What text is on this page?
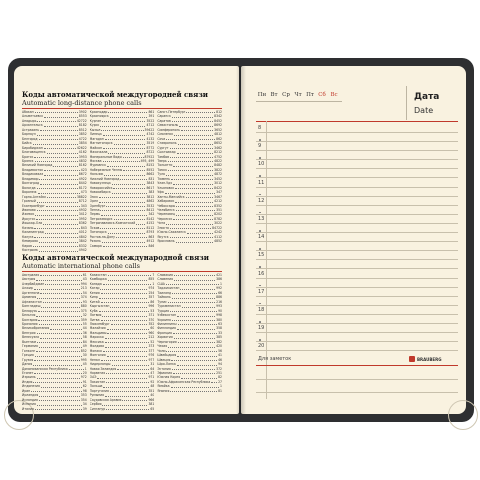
Коды автоматической междугородней связи
Automatic long-distance phone calls
Абакан	3902
Альметьевск	8553
Анадырь	42722
Архангельск	8182
Астрахань	8512
Барнаул	3852
Белгород	4722
Бийск	3854
Биробиджан	42622
Благовещенск	4162
Братск	3953
Брянск	4832
Великий Новгород	8162
Владивосток	423
Владикавказ	8672
Владимир	4922
Волгоград	8442
Вологда	8172
Воронеж	473
Горно-Алтайск	38822
Грозный	8712
Екатеринбург	343
Иваново	4932
Ижевск	3412
Иркутск	3952
Йошкар-Ола	8362
Казань	843
Калининград	4012
Калуга	4842
Кемерово	3842
Киров	8332
Кострома	4942
Краснодар	861
Красноярск	391
Курган	3522
Курск	4712
Кызыл	39422
Липецк	4742
Магадан	4132
Магнитогорск	3519
Майкоп	8772
Махачкала	8722
Минеральные Воды	87922
Москва	495, 499
Мурманск	8152
Набережные Челны	8552
Нальчик	8662
Нижний Новгород	831
Новокузнецк	3843
Новороссийск	8617
Новосибирск	383
Омск	3812
Орел	4862
Оренбург	3532
Пенза	8412
Пермь	342
Петрозаводск	8142
Петропавловск-Камчатский	4152
Псков	8112
Пятигорск	8793
Ростов-на-Дону	863
Рязань	4912
Самара	846
Санкт-Петербург	812
Саранск	8342
Саратов	8452
Севастополь	8692
Симферополь	3652
Смоленск	4812
Сочи	862
Ставрополь	8652
Сургут	3462
Сыктывкар	8212
Тамбов	4752
Тверь	4822
Тольятти	8482
Томск	3822
Тула	4872
Тюмень	3452
Улан-Удэ	3012
Ульяновск	8422
Уфа	347
Ханты-Мансийск	3467
Хабаровск	4212
Чебоксары	8352
Челябинск	351
Череповец	8202
Черкесск	8782
Чита	3022
Элиста	84722
Южно-Сахалинск	4242
Якутск	4112
Ярославль	4852
Коды автоматической международной связи
Automatic international phone calls
Австралия	61
Австрия	43
Азербайджан	994
Алжир	213
Аргентина	54
Армения	374
Афганистан	93
Бангладеш	880
Беларусь	375
Бельгия	32
Болгария	359
Бразилия	55
Великобритания	44
Венгрия	36
Венесуэла	58
Вьетнам	84
Германия	49
Гонконг	852
Греция	30
Грузия	995
Дания	45
Доминиканская Республика	1
Египет	20
Израиль	972
Индия	91
Индонезия	62
Иран	98
Ирландия	353
Исландия	354
Испания	34
Италия	39
Казахстан	7
Камбоджа	855
Канада	1
Катар	974
Кения	254
Кипр	357
Китай	86
Кыргызстан	996
Куба	53
Латвия	371
Литва	370
Люксембург	352
Малайзия	60
Мальдивы	960
Марокко	212
Мексика	52
Молдова	373
Монако	377
Монголия	976
Непал	977
Нидерланды	31
Новая Зеландия	64
Норвегия	47
ОАЭ	971
Пакистан	92
Польша	48
Португалия	351
Румыния	40
Саудовская Аравия	966
Сербия	381
Сингапур	65
Словакия	421
Словения	386
США	1
Таджикистан	992
Таиланд	66
Тайвань	886
Тунис	216
Туркменистан	993
Турция	90
Узбекистан	998
Украина	380
Филиппины	63
Финляндия	358
Франция	33
Хорватия	385
Черногория	382
Чехия	420
Чили	56
Швейцария	41
Швеция	46
Шри-Ланка	94
Эстония	372
Эфиопия	251
Южная Корея	82
Южно-Африканская Республика	27
Ямайка	1
Япония	81
Пн Вт Ср Чт Пт Сб Вс	Дата
Date
8
9
10
11
12
13
14
15
16
17
18
19
20
Для заметок	BRAUBERG
